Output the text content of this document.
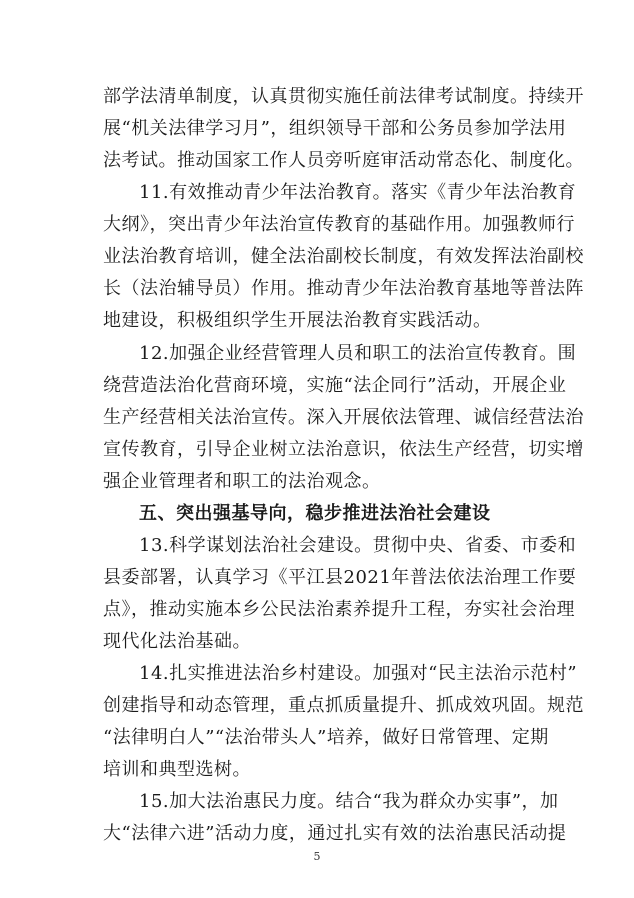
部学法清单制度，认真贯彻实施任前法律考试制度。持续开
展“机关法律学习月”，组织领导干部和公务员参加学法用
法考试。推动国家工作人员旁听庭审活动常态化、制度化。
11.有效推动青少年法治教育。落实《青少年法治教育
大纲》，突出青少年法治宣传教育的基础作用。加强教师行
业法治教育培训，健全法治副校长制度，有效发挥法治副校
长（法治辅导员）作用。推动青少年法治教育基地等普法阵
地建设，积极组织学生开展法治教育实践活动。
12.加强企业经营管理人员和职工的法治宣传教育。围
绕营造法治化营商环境，实施“法企同行”活动，开展企业
生产经营相关法治宣传。深入开展依法管理、诚信经营法治
宣传教育，引导企业树立法治意识，依法生产经营，切实增
强企业管理者和职工的法治观念。
五、突出强基导向，稳步推进法治社会建设
13.科学谋划法治社会建设。贯彻中央、省委、市委和
县委部署，认真学习《平江县2021年普法依法治理工作要
点》，推动实施本乡公民法治素养提升工程，夯实社会治理
现代化法治基础。
14.扎实推进法治乡村建设。加强对“民主法治示范村”
创建指导和动态管理，重点抓质量提升、抓成效巩固。规范
“法律明白人”“法治带头人”培养，做好日常管理、定期
培训和典型选树。
15.加大法治惠民力度。结合“我为群众办实事”，加
大“法律六进”活动力度，通过扎实有效的法治惠民活动提
5
